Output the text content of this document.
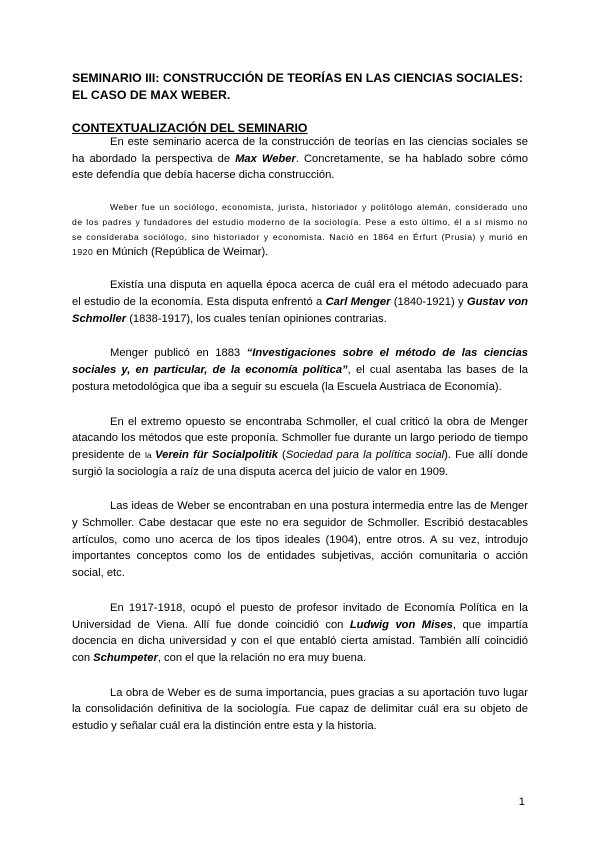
SEMINARIO III: CONSTRUCCIÓN DE TEORÍAS EN LAS CIENCIAS SOCIALES: EL CASO DE MAX WEBER.
CONTEXTUALIZACIÓN DEL SEMINARIO

En este seminario acerca de la construcción de teorías en las ciencias sociales se ha abordado la perspectiva de Max Weber. Concretamente, se ha hablado sobre cómo este defendía que debía hacerse dicha construcción.

Weber fue un sociólogo, economista, jurista, historiador y politólogo alemán, considerado uno de los padres y fundadores del estudio moderno de la sociología. Pese a esto último, él a sí mismo no se consideraba sociólogo, sino historiador y economista. Nació en 1864 en Érfurt (Prusia) y murió en 1920 en Múnich (República de Weimar).

Existía una disputa en aquella época acerca de cuál era el método adecuado para el estudio de la economía. Esta disputa enfrentó a Carl Menger (1840-1921) y Gustav von Schmoller (1838-1917), los cuales tenían opiniones contrarias.

Menger publicó en 1883 “Investigaciones sobre el método de las ciencias sociales y, en particular, de la economía política”, el cual asentaba las bases de la postura metodológica que iba a seguir su escuela (la Escuela Austriaca de Economía).

En el extremo opuesto se encontraba Schmoller, el cual criticó la obra de Menger atacando los métodos que este proponía. Schmoller fue durante un largo periodo de tiempo presidente de la Verein für Socialpolitik (Sociedad para la política social). Fue allí donde surgió la sociología a raíz de una disputa acerca del juicio de valor en 1909.

Las ideas de Weber se encontraban en una postura intermedia entre las de Menger y Schmoller. Cabe destacar que este no era seguidor de Schmoller. Escribió destacables artículos, como uno acerca de los tipos ideales (1904), entre otros. A su vez, introdujo importantes conceptos como los de entidades subjetivas, acción comunitaria o acción social, etc.

En 1917-1918, ocupó el puesto de profesor invitado de Economía Política en la Universidad de Viena. Allí fue donde coincidió con Ludwig von Mises, que impartía docencia en dicha universidad y con el que entabló cierta amistad. También allí coincidió con Schumpeter, con el que la relación no era muy buena.

La obra de Weber es de suma importancia, pues gracias a su aportación tuvo lugar la consolidación definitiva de la sociología. Fue capaz de delimitar cuál era su objeto de estudio y señalar cuál era la distinción entre esta y la historia.

1
